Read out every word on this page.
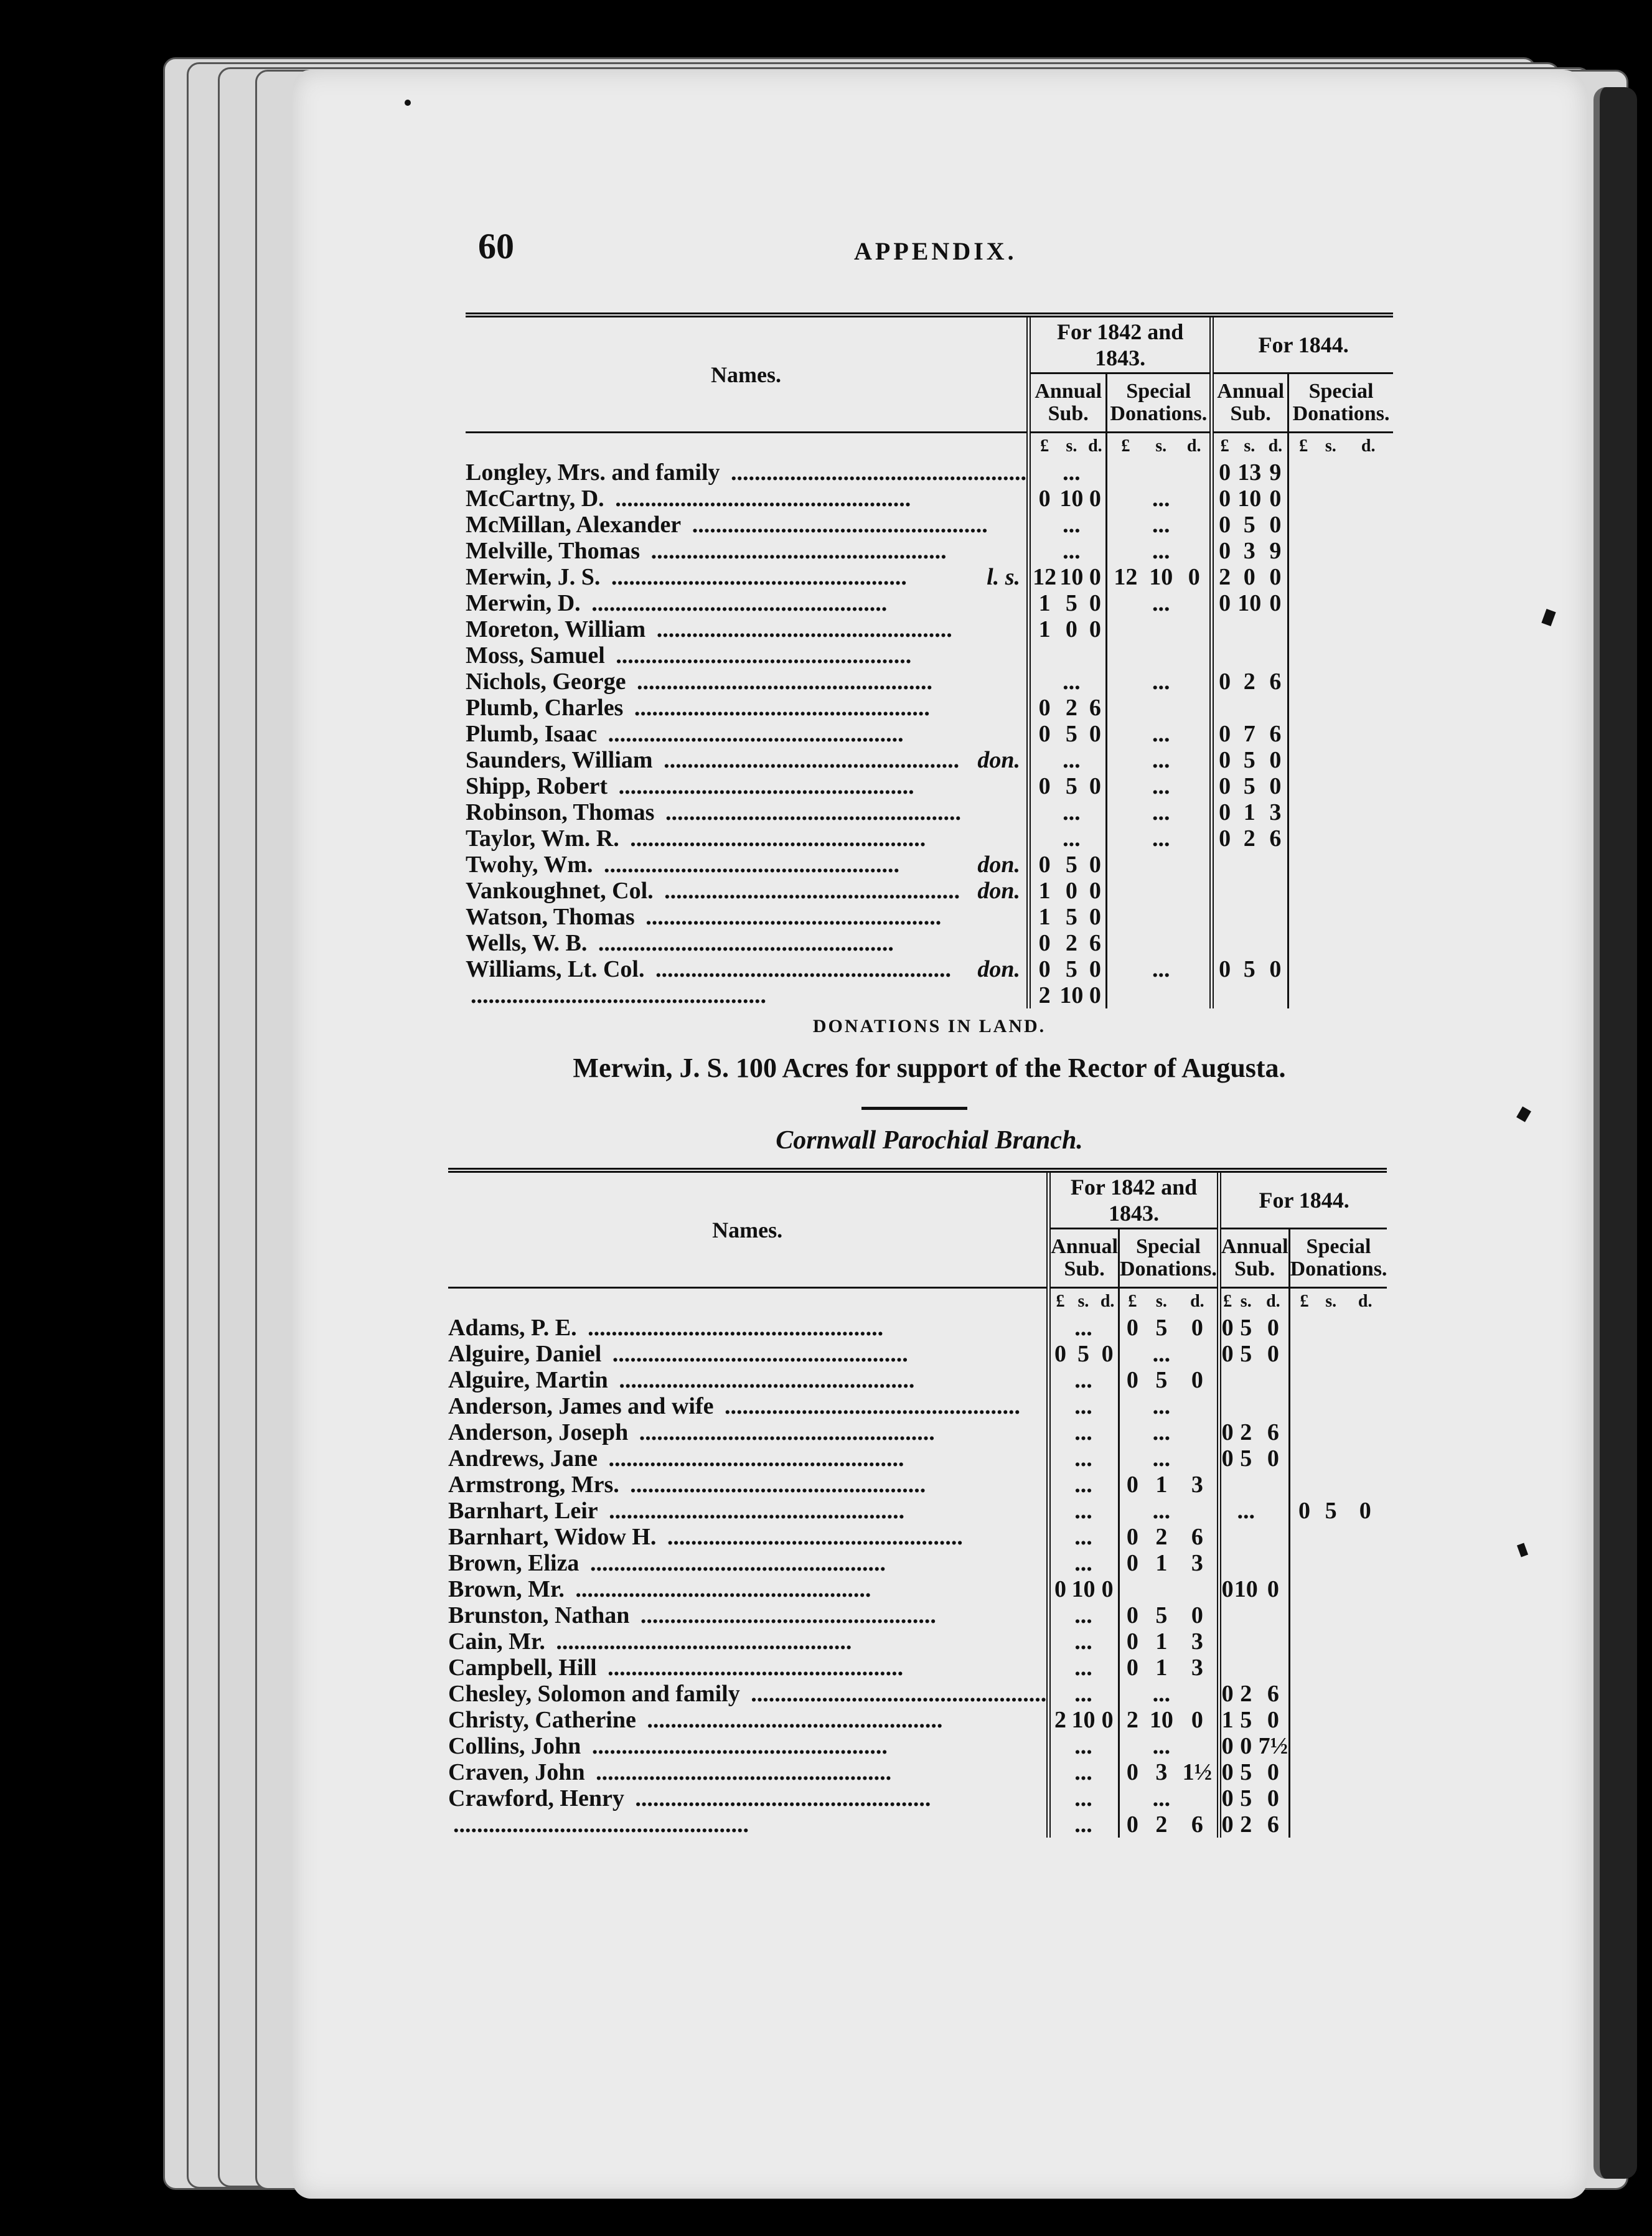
60	APPENDIX.
Names.	For 1842 and 1843.						For 1844.					
	Annual Sub.			Special Donations.			Annual Sub.			Special Donations.		
	£	s.	d.	£	s.	d.	£	s.	d.	£	s.	d.
Longley, Mrs. and family ..................................................		...					0	13	9			
McCartny, D. ..................................................	0	10	0		...		0	10	0			
McMillan, Alexander ..................................................		...			...		0	5	0			
Melville, Thomas ..................................................		...			...		0	3	9			
Merwin, J. S. .................................................. l. s.	12	10	0	12	10	0	2	0	0			
Merwin, D. ..................................................	1	5	0		...		0	10	0			
Moreton, William ..................................................	1	0	0									
Moss, Samuel ..................................................

Nichols, George ..................................................		...			...		0	2	6			
Plumb, Charles ..................................................	0	2	6									
Plumb, Isaac ..................................................	0	5	0		...		0	7	6			
Saunders, William .................................................. don.		...			...		0	5	0			
Shipp, Robert ..................................................	0	5	0		...		0	5	0			
Robinson, Thomas ..................................................		...			...		0	1	3			
Taylor, Wm. R. ..................................................		...			...		0	2	6			
Twohy, Wm. .................................................. don.	0	5	0									
Vankoughnet, Col. .................................................. don.	1	0	0									
Watson, Thomas ..................................................	1	5	0									
Wells, W. B. ..................................................	0	2	6									
Williams, Lt. Col. .................................................. don.	0	5	0		...		0	5	0			
..................................................	2	10	0									
DONATIONS IN LAND.
Merwin, J. S. 100 Acres for support of the Rector of Augusta.
Cornwall Parochial Branch.
Names.	For 1842 and 1843.						For 1844.					
	Annual Sub.			Special Donations.			Annual Sub.			Special Donations.		
	£	s.	d.	£	s.	d.	£	s.	d.	£	s.	d.
Adams, P. E. ..................................................		...		0	5	0	0	5	0			
Alguire, Daniel ..................................................	0	5	0		...		0	5	0			
Alguire, Martin ..................................................		...		0	5	0						
Anderson, James and wife ..................................................		...			...							
Anderson, Joseph ..................................................		...			...		0	2	6			
Andrews, Jane ..................................................		...			...		0	5	0			
Armstrong, Mrs. ..................................................		...		0	1	3						
Barnhart, Leir ..................................................		...			...			...		0	5	0
Barnhart, Widow H. ..................................................		...		0	2	6						
Brown, Eliza ..................................................		...		0	1	3						
Brown, Mr. ..................................................	0	10	0				0	10	0			
Brunston, Nathan ..................................................		...		0	5	0						
Cain, Mr. ..................................................		...		0	1	3						
Campbell, Hill ..................................................		...		0	1	3						
Chesley, Solomon and family ..................................................		...			...		0	2	6			
Christy, Catherine ..................................................	2	10	0	2	10	0	1	5	0			
Collins, John ..................................................		...			...		0	0	7½			
Craven, John ..................................................		...		0	3	1½	0	5	0			
Crawford, Henry ..................................................		...			...		0	5	0			
..................................................		...		0	2	6	0	2	6			
